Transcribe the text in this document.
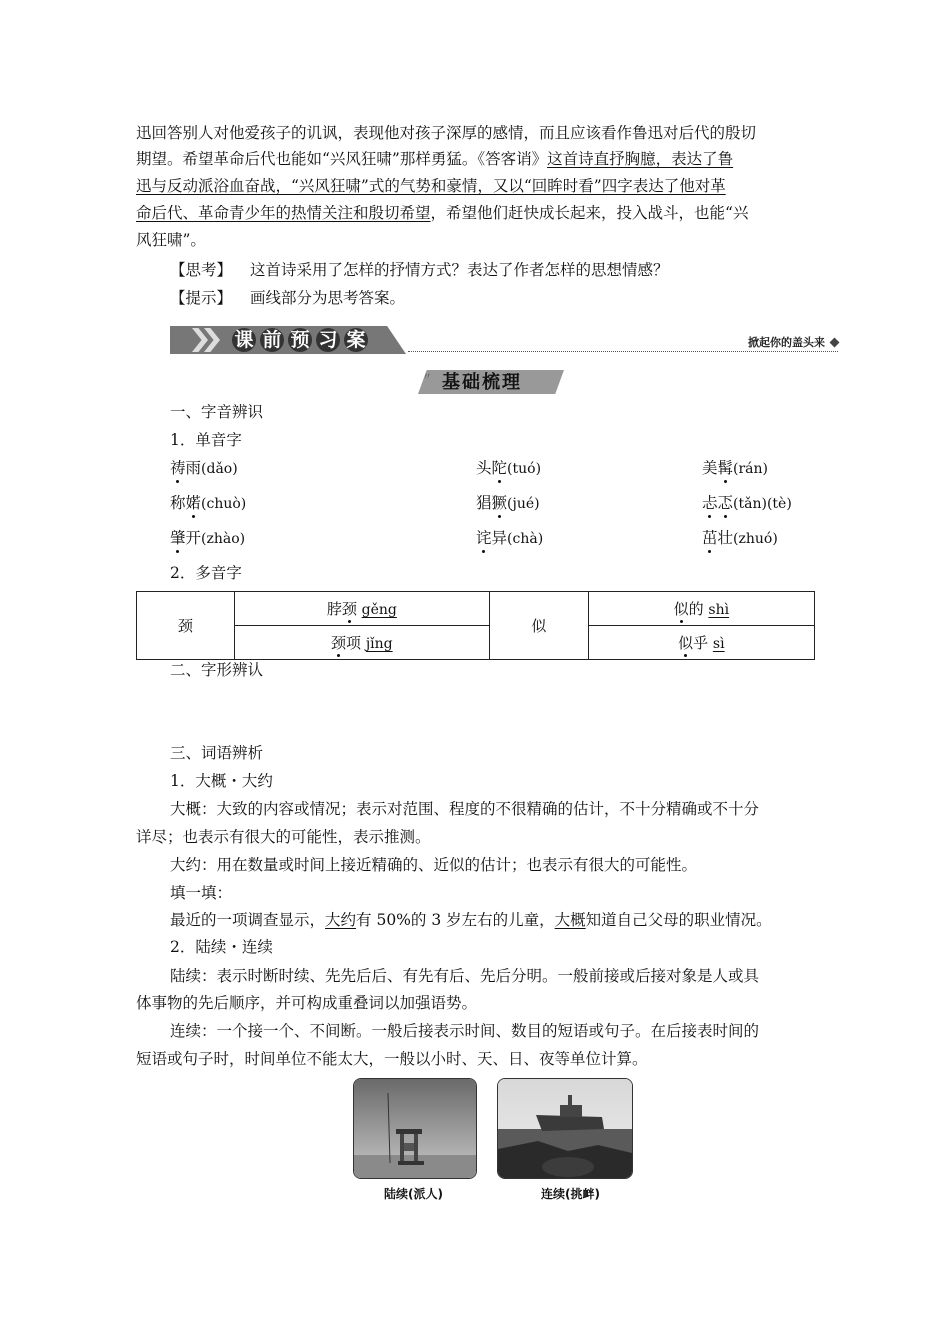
迅回答别人对他爱孩子的讥讽，表现他对孩子深厚的感情，而且应该看作鲁迅对后代的殷切
期望。希望革命后代也能如“兴风狂啸”那样勇猛。《答客诮》这首诗直抒胸臆，表达了鲁
迅与反动派浴血奋战，“兴风狂啸”式的气势和豪情，又以“回眸时看”四字表达了他对革
命后代、革命青少年的热情关注和殷切希望，希望他们赶快成长起来，投入战斗，也能“兴
风狂啸”。
【思考】 这首诗采用了怎样的抒情方式？表达了作者怎样的思想情感？
【提示】 画线部分为思考答案。
课 前 预 习 案	掀起你的盖头来
〃 基础梳理
一、字音辨识
1．单音字
祷雨(dǎo)	头陀(tuó)	美髯(rán)
称婼(chuò)	猖獗(jué)	忐忑(tǎn)(tè)
肇开(zhào)	诧异(chà)	茁壮(zhuó)
2．多音字
颈	脖颈 gěng	似	似的 shì
	颈项 jǐng		似乎 sì
二、字形辨认
三、词语辨析
1．大概・大约
大概：大致的内容或情况；表示对范围、程度的不很精确的估计，不十分精确或不十分
详尽；也表示有很大的可能性，表示推测。
大约：用在数量或时间上接近精确的、近似的估计；也表示有很大的可能性。
填一填：
最近的一项调查显示，大约有 50%的 3 岁左右的儿童，大概知道自己父母的职业情况。
2．陆续・连续
陆续：表示时断时续、先先后后、有先有后、先后分明。一般前接或后接对象是人或具
体事物的先后顺序，并可构成重叠词以加强语势。
连续：一个接一个、不间断。一般后接表示时间、数目的短语或句子。在后接表时间的
短语或句子时，时间单位不能太大，一般以小时、天、日、夜等单位计算。
陆续(派人)	连续(挑衅)
